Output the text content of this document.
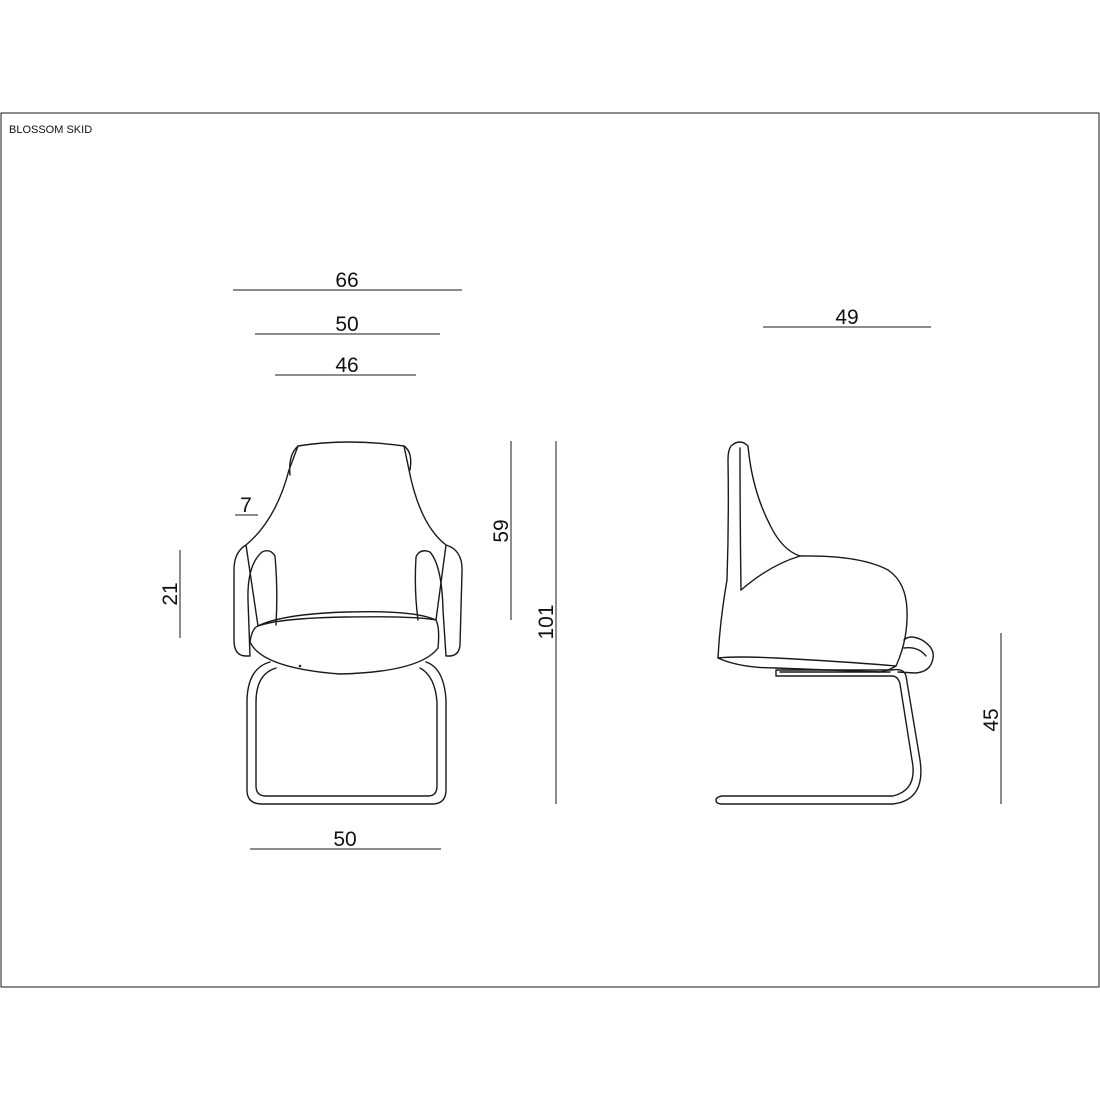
BLOSSOM SKID
66
50
46
7
21
59
101
50
49
45
